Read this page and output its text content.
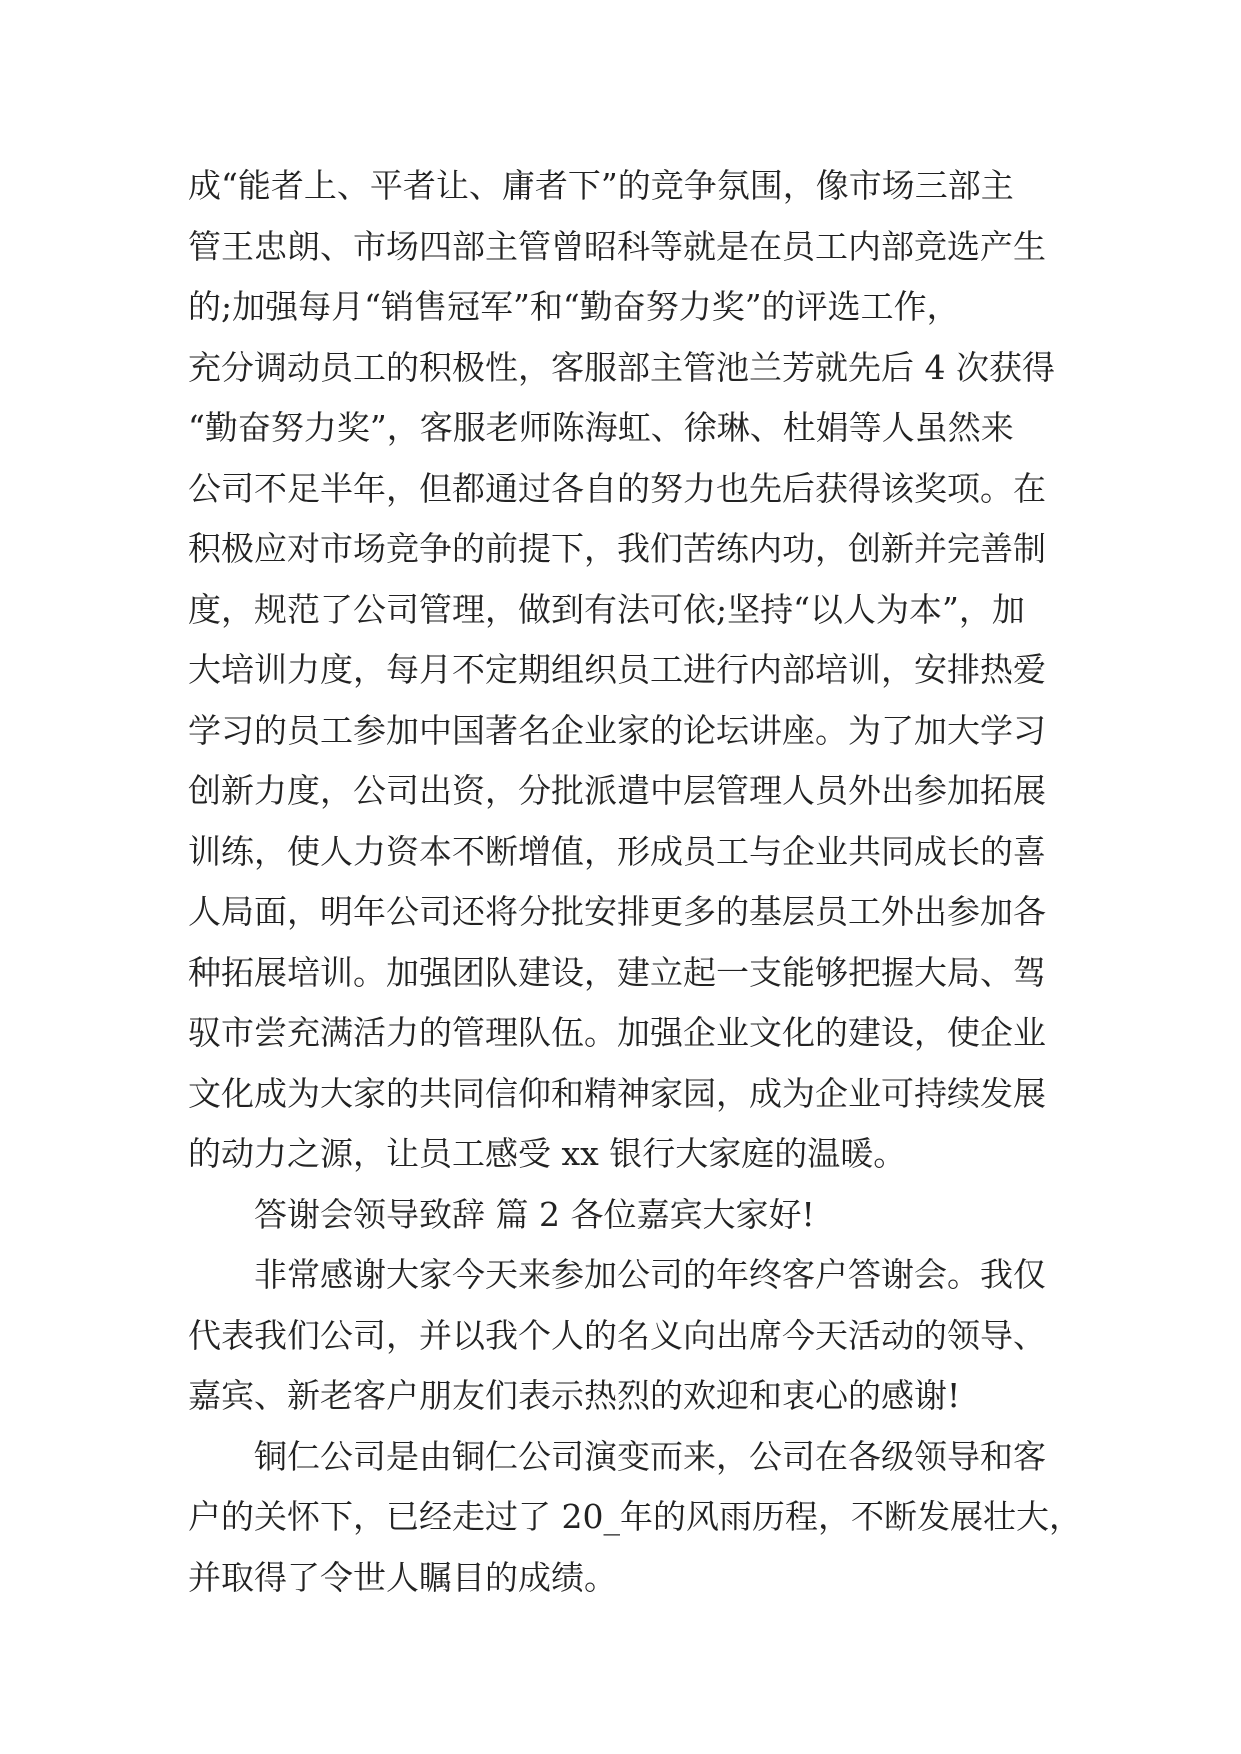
成“能者上、平者让、庸者下”的竞争氛围，像市场三部主
管王忠朗、市场四部主管曾昭科等就是在员工内部竞选产生
的;加强每月“销售冠军”和“勤奋努力奖”的评选工作，
充分调动员工的积极性，客服部主管池兰芳就先后 4 次获得
“勤奋努力奖”，客服老师陈海虹、徐琳、杜娟等人虽然来
公司不足半年，但都通过各自的努力也先后获得该奖项。在
积极应对市场竞争的前提下，我们苦练内功，创新并完善制
度，规范了公司管理，做到有法可依;坚持“以人为本”，加
大培训力度，每月不定期组织员工进行内部培训，安排热爱
学习的员工参加中国著名企业家的论坛讲座。为了加大学习
创新力度，公司出资，分批派遣中层管理人员外出参加拓展
训练，使人力资本不断增值，形成员工与企业共同成长的喜
人局面，明年公司还将分批安排更多的基层员工外出参加各
种拓展培训。加强团队建设，建立起一支能够把握大局、驾
驭市尝充满活力的管理队伍。加强企业文化的建设，使企业
文化成为大家的共同信仰和精神家园，成为企业可持续发展
的动力之源，让员工感受 xx 银行大家庭的温暖。
答谢会领导致辞 篇 2 各位嘉宾大家好!
非常感谢大家今天来参加公司的年终客户答谢会。我仅
代表我们公司，并以我个人的名义向出席今天活动的领导、
嘉宾、新老客户朋友们表示热烈的欢迎和衷心的感谢!
铜仁公司是由铜仁公司演变而来，公司在各级领导和客
户的关怀下，已经走过了 20_年的风雨历程，不断发展壮大，
并取得了令世人瞩目的成绩。
